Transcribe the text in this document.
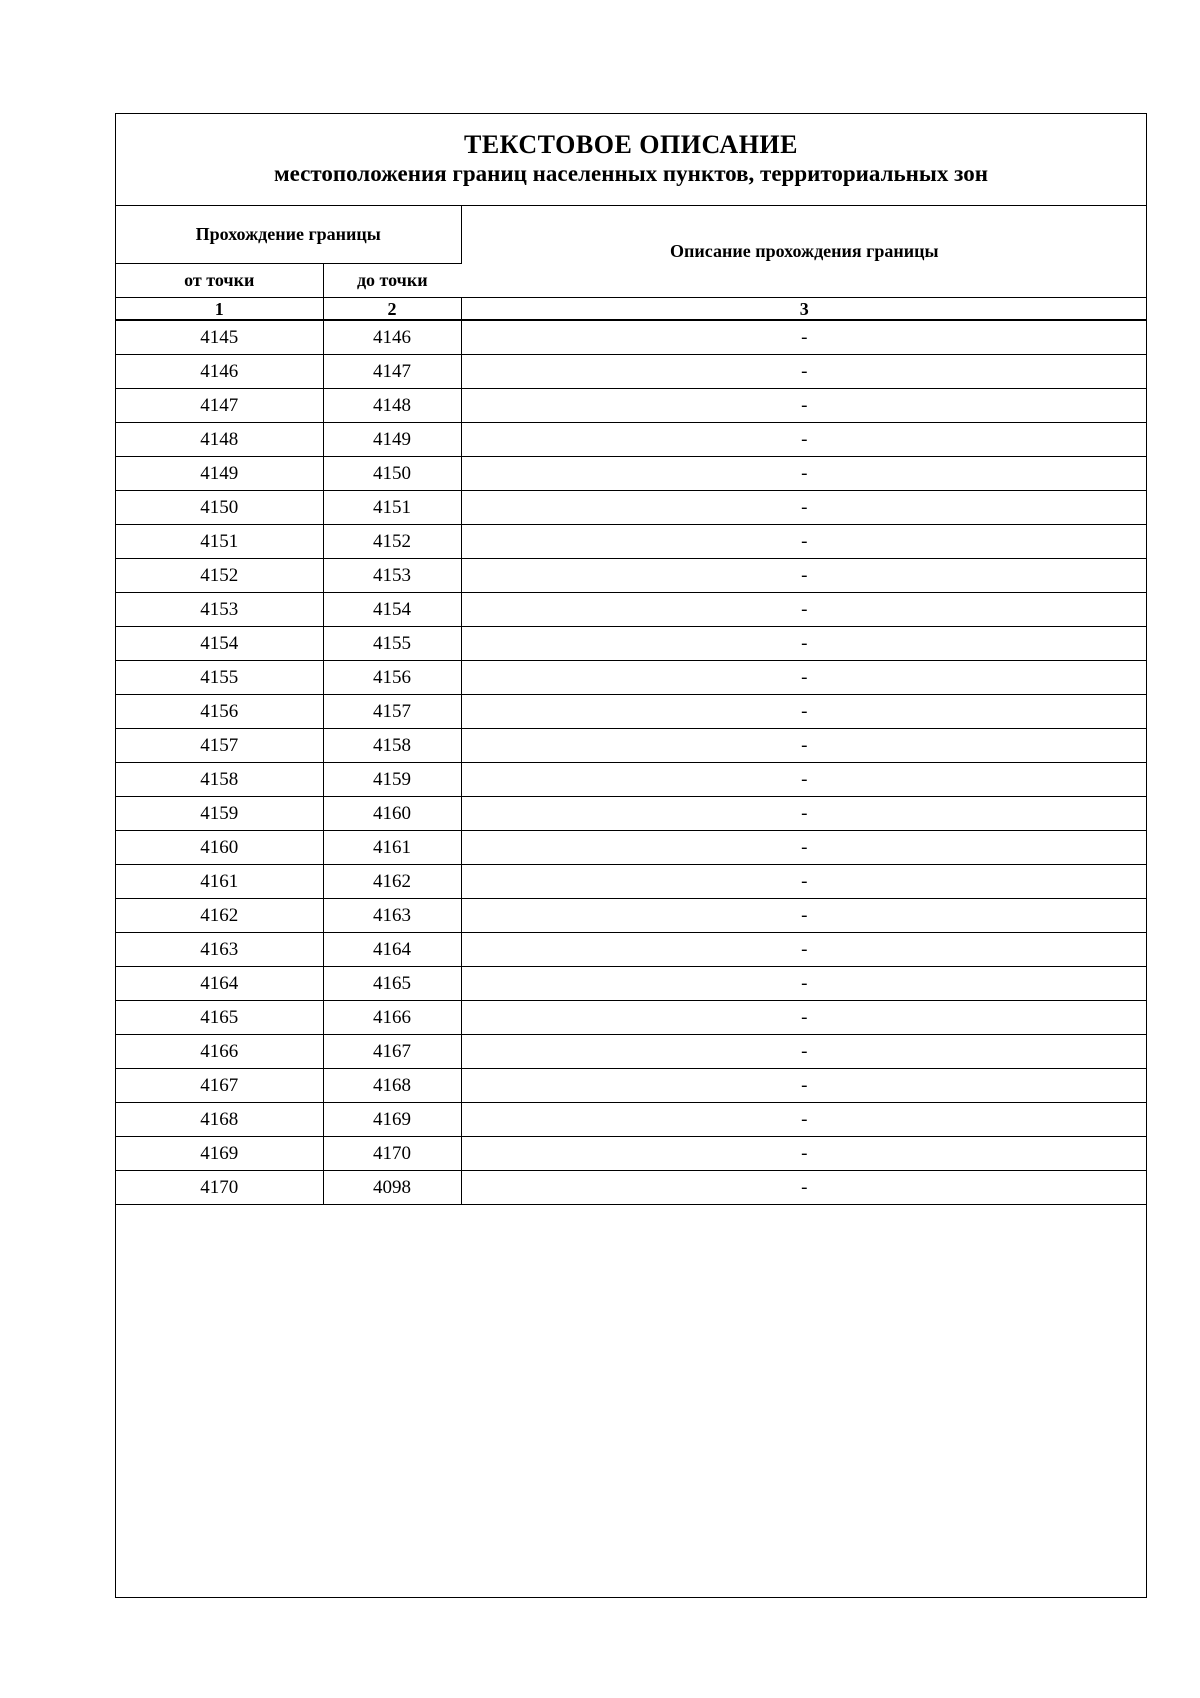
ТЕКСТОВОЕ ОПИСАНИЕ
местоположения границ населенных пунктов, территориальных зон
Прохождение границы		Описание прохождения границы
от точки	до точки	
1	2	3
4145	4146	-
4146	4147	-
4147	4148	-
4148	4149	-
4149	4150	-
4150	4151	-
4151	4152	-
4152	4153	-
4153	4154	-
4154	4155	-
4155	4156	-
4156	4157	-
4157	4158	-
4158	4159	-
4159	4160	-
4160	4161	-
4161	4162	-
4162	4163	-
4163	4164	-
4164	4165	-
4165	4166	-
4166	4167	-
4167	4168	-
4168	4169	-
4169	4170	-
4170	4098	-
